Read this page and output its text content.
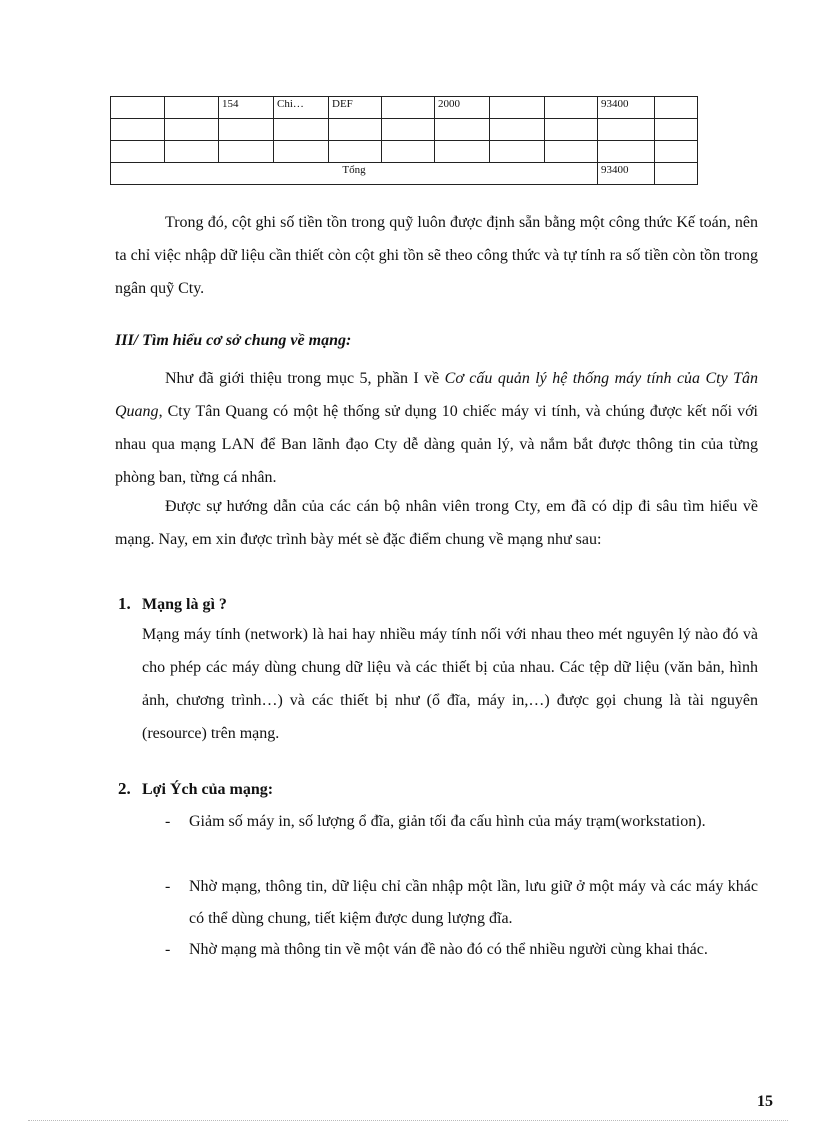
		154	Chi…	DEF		2000			93400	

Tổng									93400	

Trong đó, cột ghi số tiền tồn trong quỹ luôn được định sẵn bằng một công thức Kế toán, nên ta chỉ việc nhập dữ liệu cần thiết còn cột ghi tồn sẽ theo công thức và tự tính ra số tiền còn tồn trong ngân quỹ Cty.

III/ Tìm hiểu cơ sở chung về mạng:

Như đã giới thiệu trong mục 5, phần I về Cơ cấu quản lý hệ thống máy tính của Cty Tân Quang, Cty Tân Quang có một hệ thống sử dụng 10 chiếc máy vi tính, và chúng được kết nối với nhau qua mạng LAN để Ban lãnh đạo Cty dễ dàng quản lý, và nắm bắt được thông tin của từng phòng ban, từng cá nhân.

Được sự hướng dẫn của các cán bộ nhân viên trong Cty, em đã có dịp đi sâu tìm hiểu về mạng. Nay, em xin được trình bày mét sè đặc điểm chung về mạng như sau:

1. Mạng là gì ?

Mạng máy tính (network) là hai hay nhiều máy tính nối với nhau theo mét nguyên lý nào đó và cho phép các máy dùng chung dữ liệu và các thiết bị của nhau. Các tệp dữ liệu (văn bản, hình ảnh, chương trình…) và các thiết bị như (ổ đĩa, máy in,…) được gọi chung là tài nguyên (resource) trên mạng.

2. Lợi Ých của mạng:

-	Giảm số máy in, số lượng ổ đĩa, giản tối đa cấu hình của máy trạm(workstation).

-	Nhờ mạng, thông tin, dữ liệu chỉ cần nhập một lần, lưu giữ ở một máy và các máy khác có thể dùng chung, tiết kiệm được dung lượng đĩa.

-	Nhờ mạng mà thông tin về một ván đề nào đó có thể nhiều người cùng khai thác.

15
